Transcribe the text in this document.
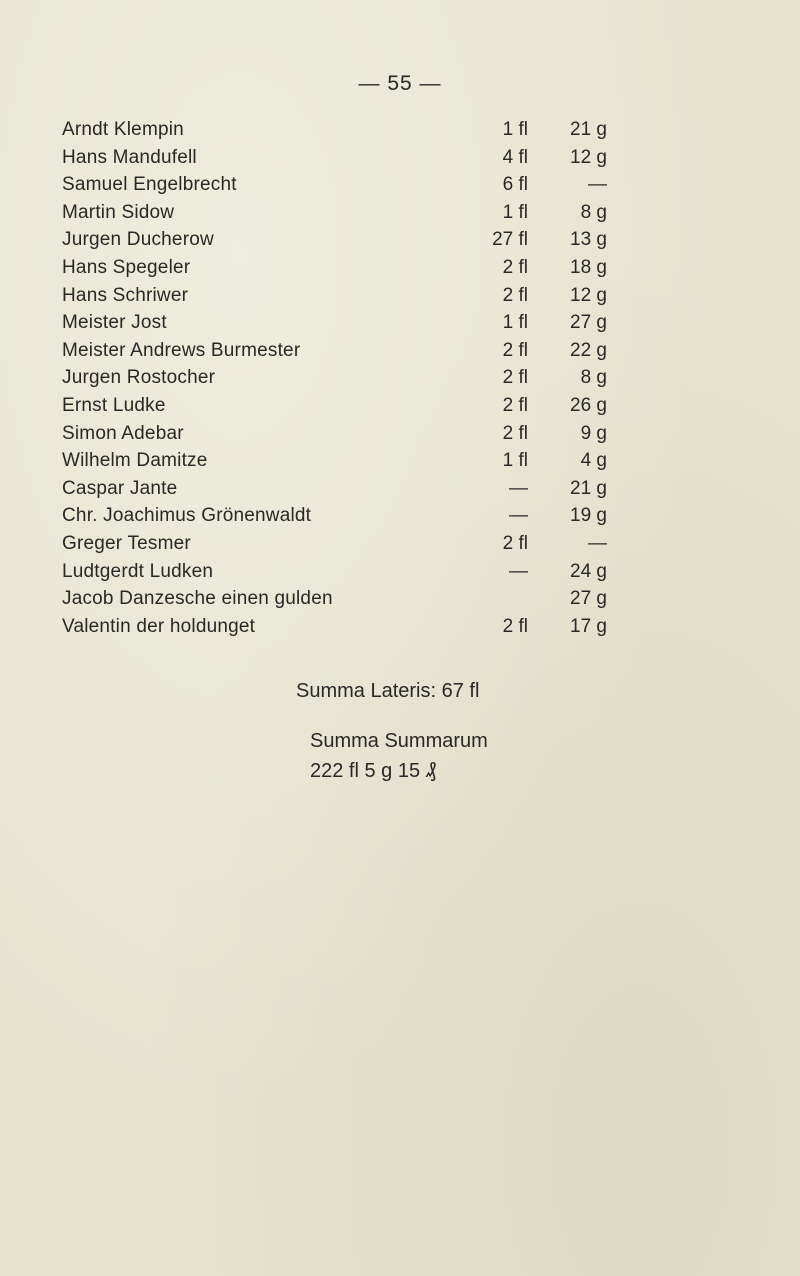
— 55 —
Arndt Klempin	1 fl 21 g
Hans Mandufell	4 fl 12 g
Samuel Engelbrecht	6 fl	—
Martin Sidow	1 fl	8 g
Jurgen Ducherow	27 fl 13 g
Hans Spegeler	2 fl 18 g
Hans Schriwer	2 fl 12 g
Meister Jost	1 fl 27 g
Meister Andrews Burmester	2 fl 22 g
Jurgen Rostocher	2 fl	8 g
Ernst Ludke	2 fl 26 g
Simon Adebar	2 fl	9 g
Wilhelm Damitze	1 fl	4 g
Caspar Jante	— 21 g
Chr. Joachimus Grönenwaldt	— 19 g
Greger Tesmer	2 fl	—
Ludtgerdt Ludken	— 24 g
Jacob Danzesche einen gulden	27 g
Valentin der holdunget	2 fl 17 g
Summa Lateris: 67 fl
Summa Summarum
222 fl 5 g 15 ₰
